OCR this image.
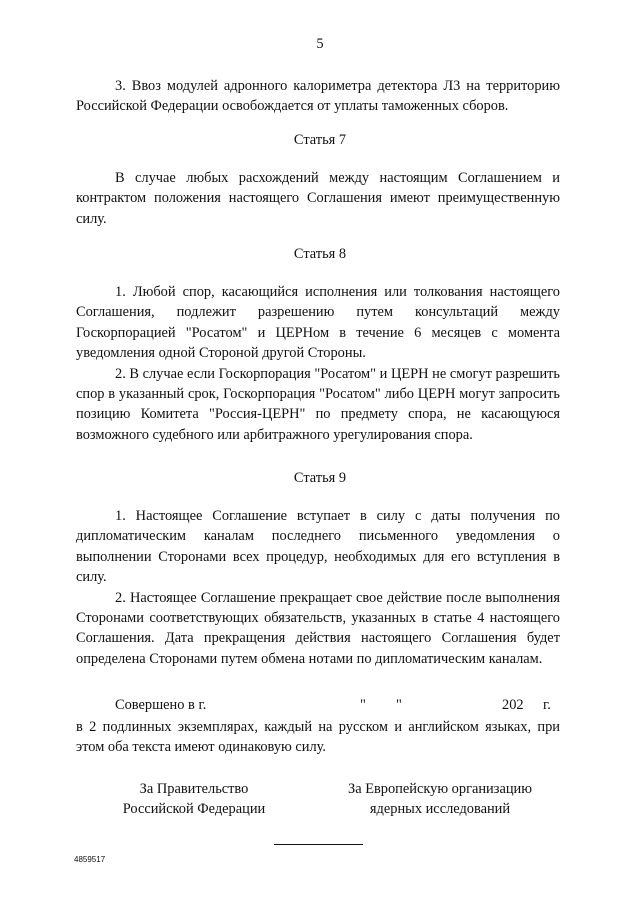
5

3. Ввоз модулей адронного калориметра детектора Л3 на территорию Российской Федерации освобождается от уплаты таможенных сборов.

Статья 7

В случае любых расхождений между настоящим Соглашением и контрактом положения настоящего Соглашения имеют преимущественную силу.

Статья 8

1. Любой спор, касающийся исполнения или толкования настоящего Соглашения, подлежит разрешению путем консультаций между Госкорпорацией "Росатом" и ЦЕРНом в течение 6 месяцев с момента уведомления одной Стороной другой Стороны.

2. В случае если Госкорпорация "Росатом" и ЦЕРН не смогут разрешить спор в указанный срок, Госкорпорация "Росатом" либо ЦЕРН могут запросить позицию Комитета "Россия-ЦЕРН" по предмету спора, не касающуюся возможного судебного или арбитражного урегулирования спора.

Статья 9

1. Настоящее Соглашение вступает в силу с даты получения по дипломатическим каналам последнего письменного уведомления о выполнении Сторонами всех процедур, необходимых для его вступления в силу.

2. Настоящее Соглашение прекращает свое действие после выполнения Сторонами соответствующих обязательств, указанных в статье 4 настоящего Соглашения. Дата прекращения действия настоящего Соглашения будет определена Сторонами путем обмена нотами по дипломатическим каналам.

Совершено в г.	" "	202 г.

в 2 подлинных экземплярах, каждый на русском и английском языках, при этом оба текста имеют одинаковую силу.

За Правительство
Российской Федерации
За Европейскую организацию
ядерных исследований
4859517
